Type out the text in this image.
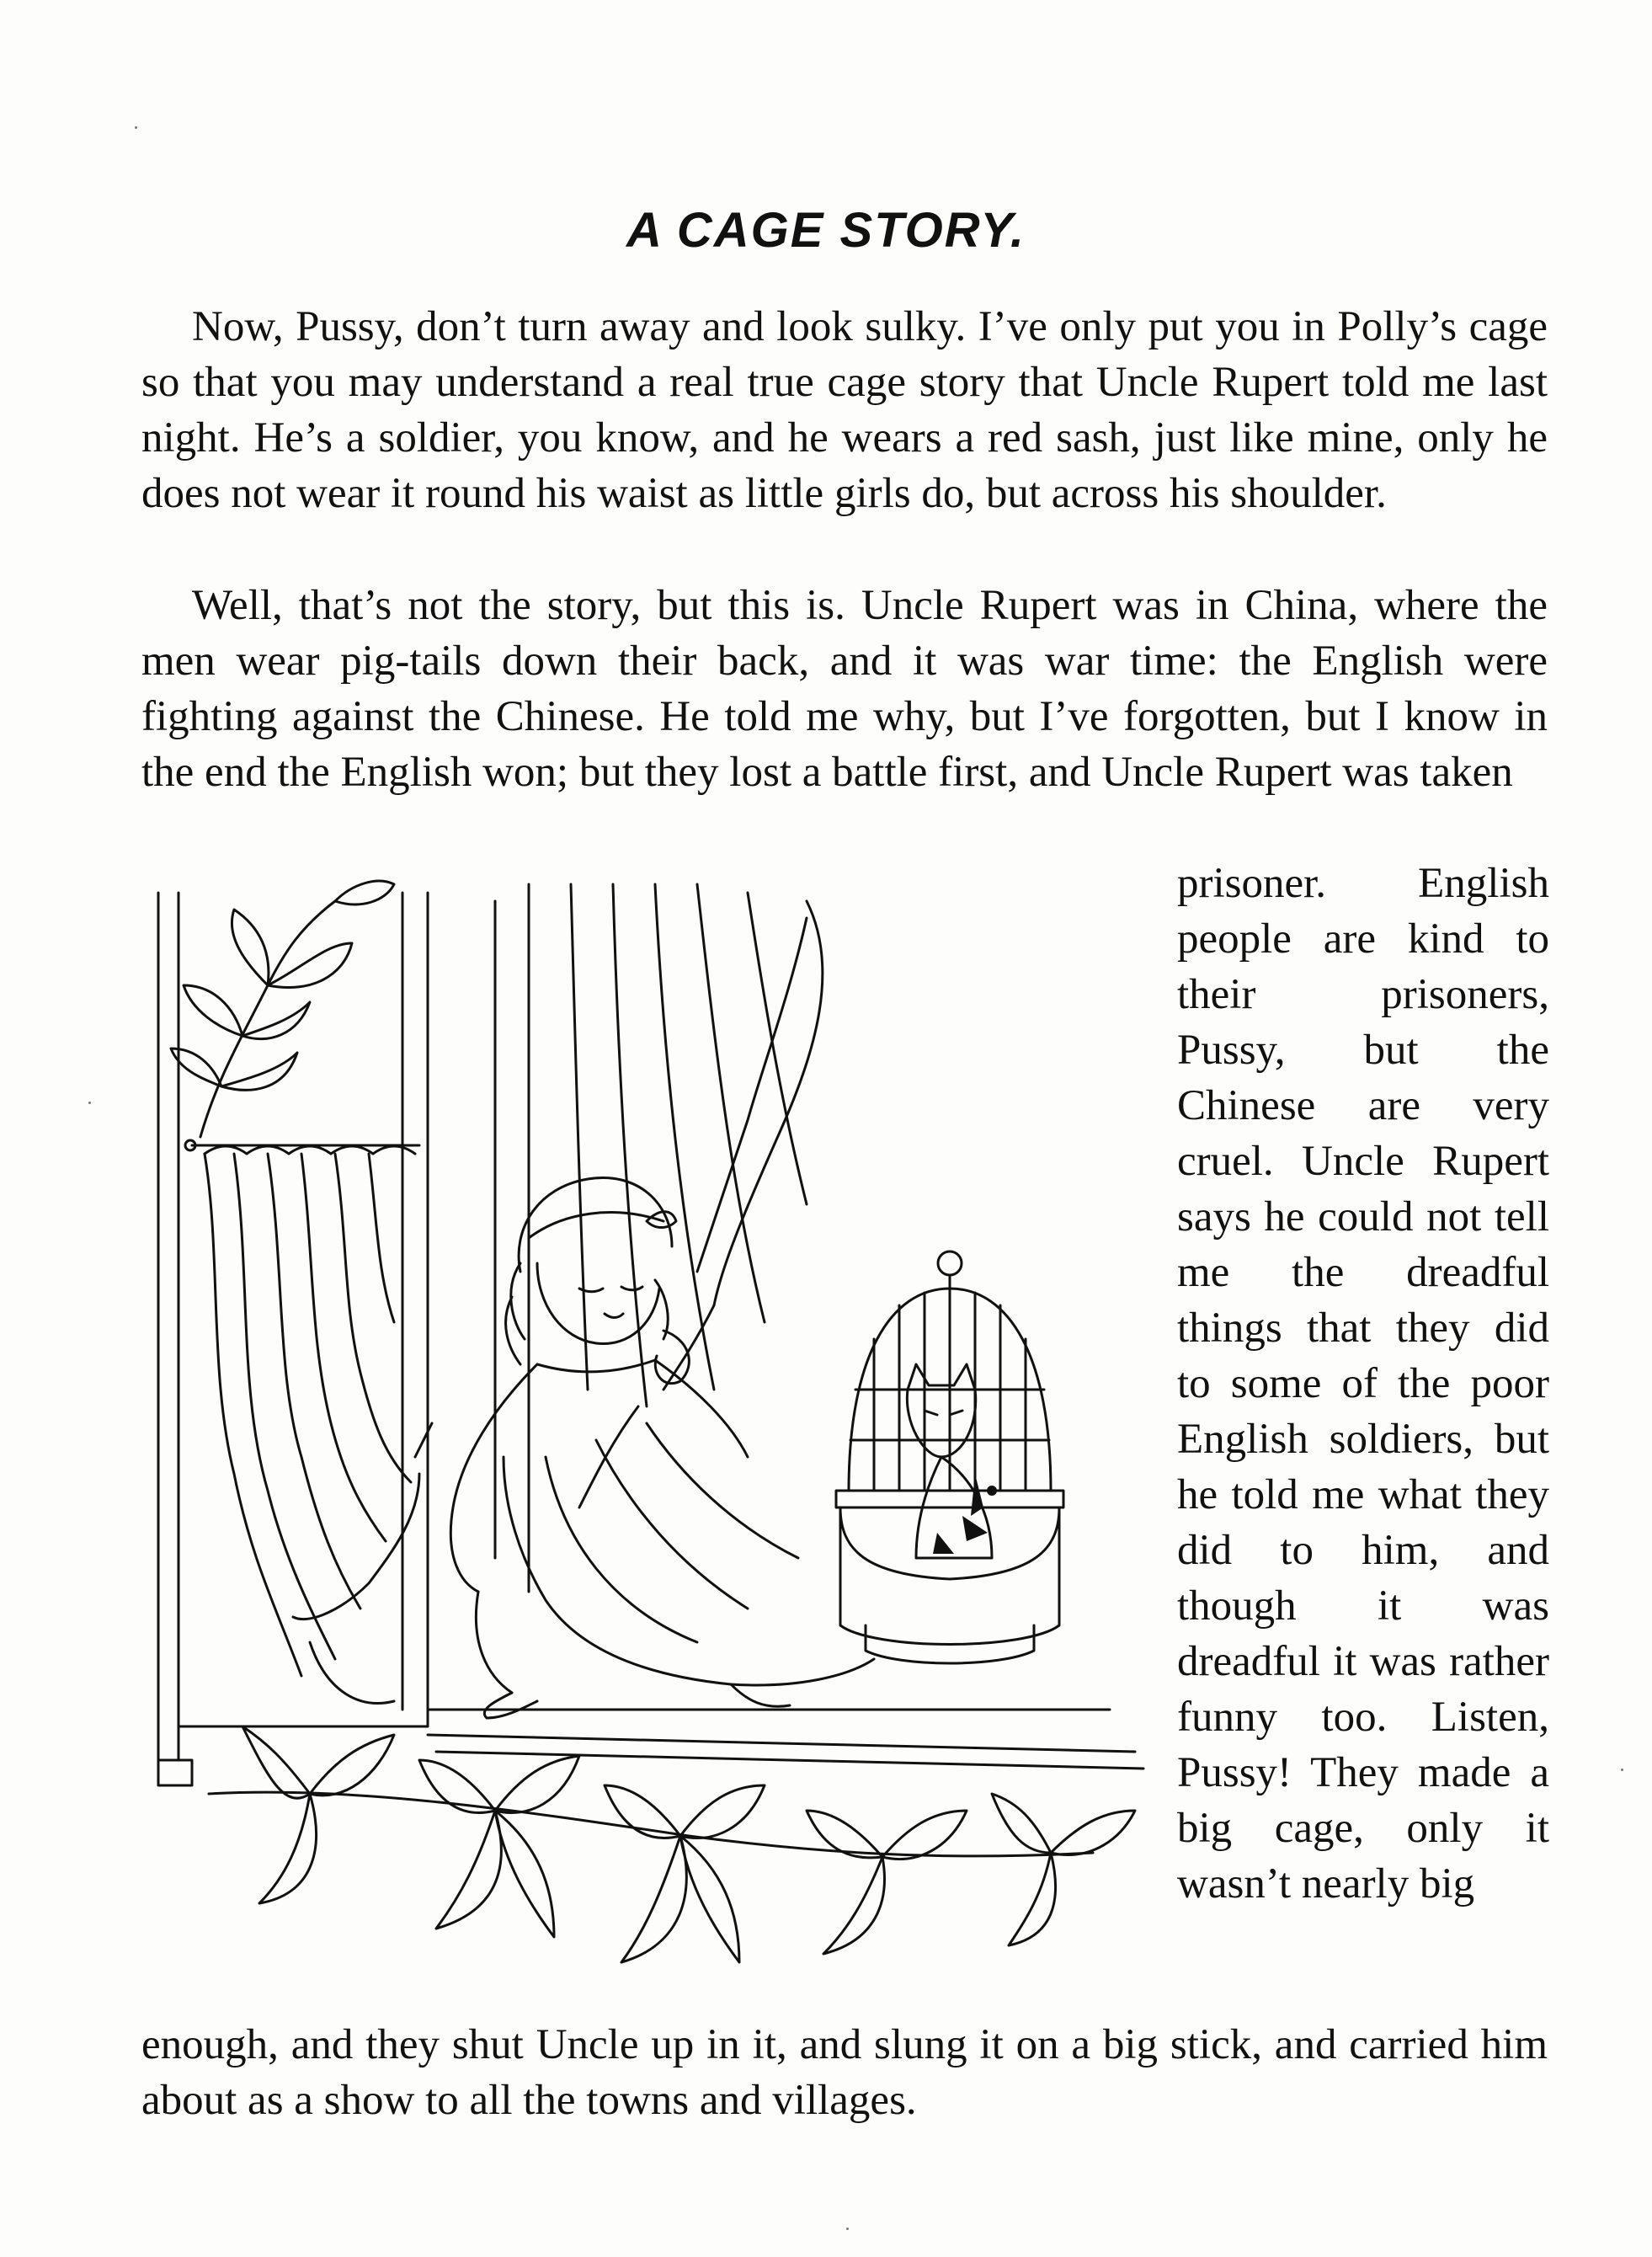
A CAGE STORY.

Now, Pussy, don’t turn away and look sulky. I’ve only put you in Polly’s cage so that you may understand a real true cage story that Uncle Rupert told me last night. He’s a soldier, you know, and he wears a red sash, just like mine, only he does not wear it round his waist as little girls do, but across his shoulder.

Well, that’s not the story, but this is. Uncle Rupert was in China, where the men wear pig-tails down their back, and it was war time: the English were fighting against the Chinese. He told me why, but I’ve forgotten, but I know in the end the English won; but they lost a battle first, and Uncle Rupert was taken

prisoner. English people are kind to their prisoners, Pussy, but the Chinese are very cruel. Uncle Rupert says he could not tell me the dreadful things that they did to some of the poor English soldiers, but he told me what they did to him, and though it was dreadful it was rather funny too. Listen, Pussy! They made a big cage, only it wasn’t nearly big

enough, and they shut Uncle up in it, and slung it on a big stick, and carried him about as a show to all the towns and villages.
